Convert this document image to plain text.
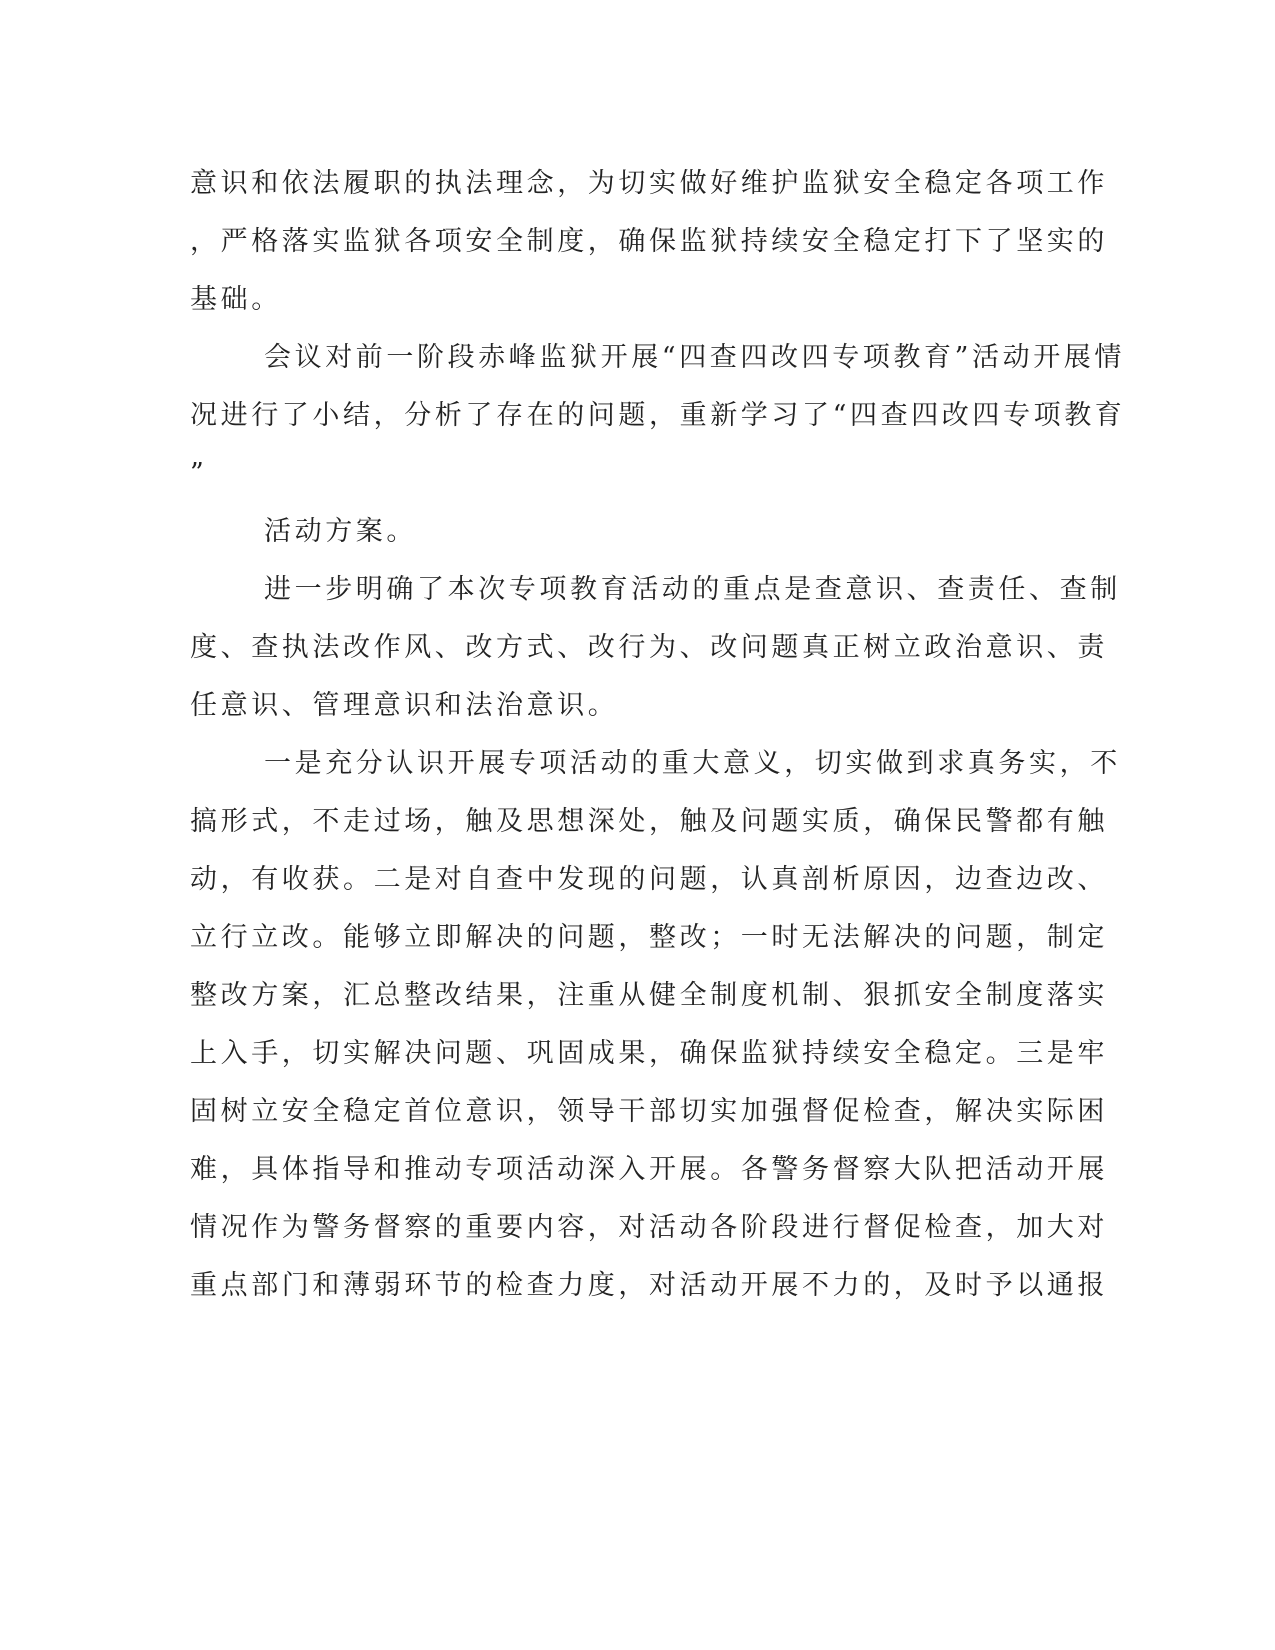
意识和依法履职的执法理念，为切实做好维护监狱安全稳定各项工作
，严格落实监狱各项安全制度，确保监狱持续安全稳定打下了坚实的
基础。
会议对前一阶段赤峰监狱开展“四查四改四专项教育”活动开展情
况进行了小结，分析了存在的问题，重新学习了“四查四改四专项教育
”
活动方案。
进一步明确了本次专项教育活动的重点是查意识、查责任、查制
度、查执法改作风、改方式、改行为、改问题真正树立政治意识、责
任意识、管理意识和法治意识。
一是充分认识开展专项活动的重大意义，切实做到求真务实，不
搞形式，不走过场，触及思想深处，触及问题实质，确保民警都有触
动，有收获。二是对自查中发现的问题，认真剖析原因，边查边改、
立行立改。能够立即解决的问题，整改；一时无法解决的问题，制定
整改方案，汇总整改结果，注重从健全制度机制、狠抓安全制度落实
上入手，切实解决问题、巩固成果，确保监狱持续安全稳定。三是牢
固树立安全稳定首位意识，领导干部切实加强督促检查，解决实际困
难，具体指导和推动专项活动深入开展。各警务督察大队把活动开展
情况作为警务督察的重要内容，对活动各阶段进行督促检查，加大对
重点部门和薄弱环节的检查力度，对活动开展不力的，及时予以通报
